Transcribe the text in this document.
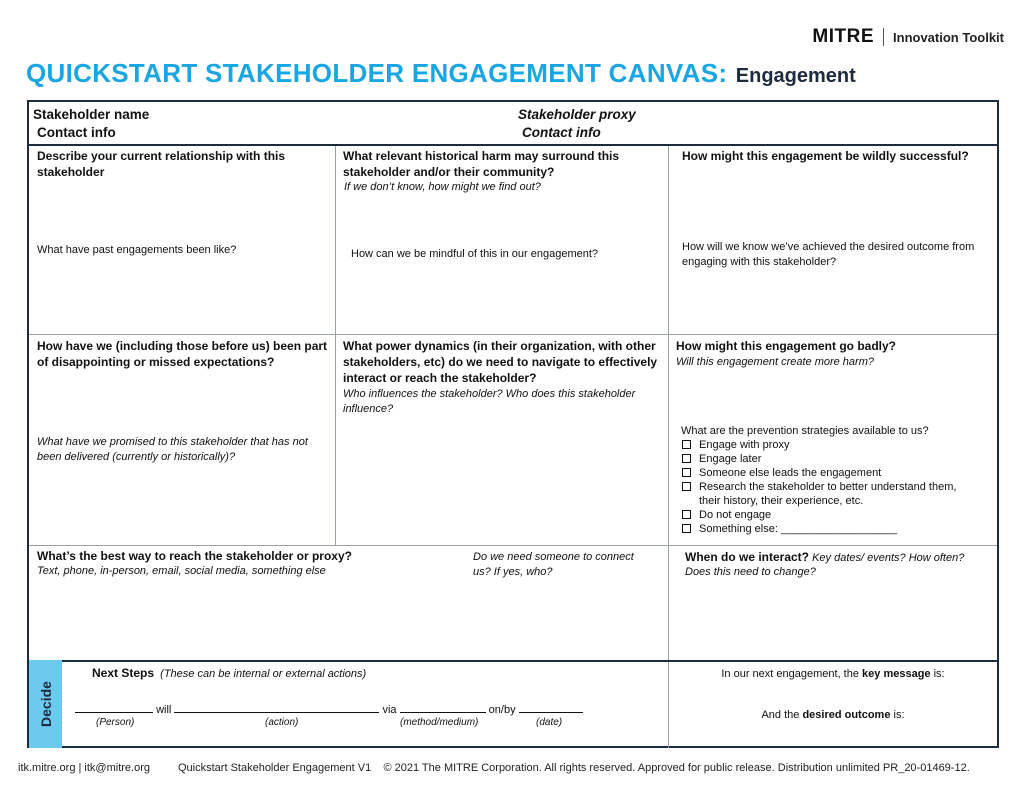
MITRE Innovation Toolkit
QUICKSTART STAKEHOLDER ENGAGEMENT CANVAS: Engagement
Stakeholder name
Contact info
Stakeholder proxy
Contact info
Describe your current relationship with this stakeholder
What have past engagements been like?
What relevant historical harm may surround this stakeholder and/or their community?
If we don’t know, how might we find out?
How can we be mindful of this in our engagement?
How might this engagement be wildly successful?
How will we know we’ve achieved the desired outcome from engaging with this stakeholder?
How have we (including those before us) been part of disappointing or missed expectations?
What have we promised to this stakeholder that has not been delivered (currently or historically)?
What power dynamics (in their organization, with other stakeholders, etc) do we need to navigate to effectively interact or reach the stakeholder?
Who influences the stakeholder? Who does this stakeholder influence?
How might this engagement go badly?
Will this engagement create more harm?
What are the prevention strategies available to us?
Engage with proxy
Engage later
Someone else leads the engagement
Research the stakeholder to better understand them, their history, their experience, etc.
Do not engage
Something else: ___________________
What’s the best way to reach the stakeholder or proxy?
Text, phone, in-person, email, social media, something else
Do we need someone to connect us? If yes, who?
When do we interact? Key dates/ events? How often?
Does this need to change?
Decide
Next Steps (These can be internal or external actions)
will	via	on/by
(Person)	(action)	(method/medium)	(date)
In our next engagement, the key message is:
And the desired outcome is:
itk.mitre.org | itk@mitre.org	Quickstart Stakeholder Engagement V1    © 2021 The MITRE Corporation. All rights reserved. Approved for public release. Distribution unlimited PR_20-01469-12.
